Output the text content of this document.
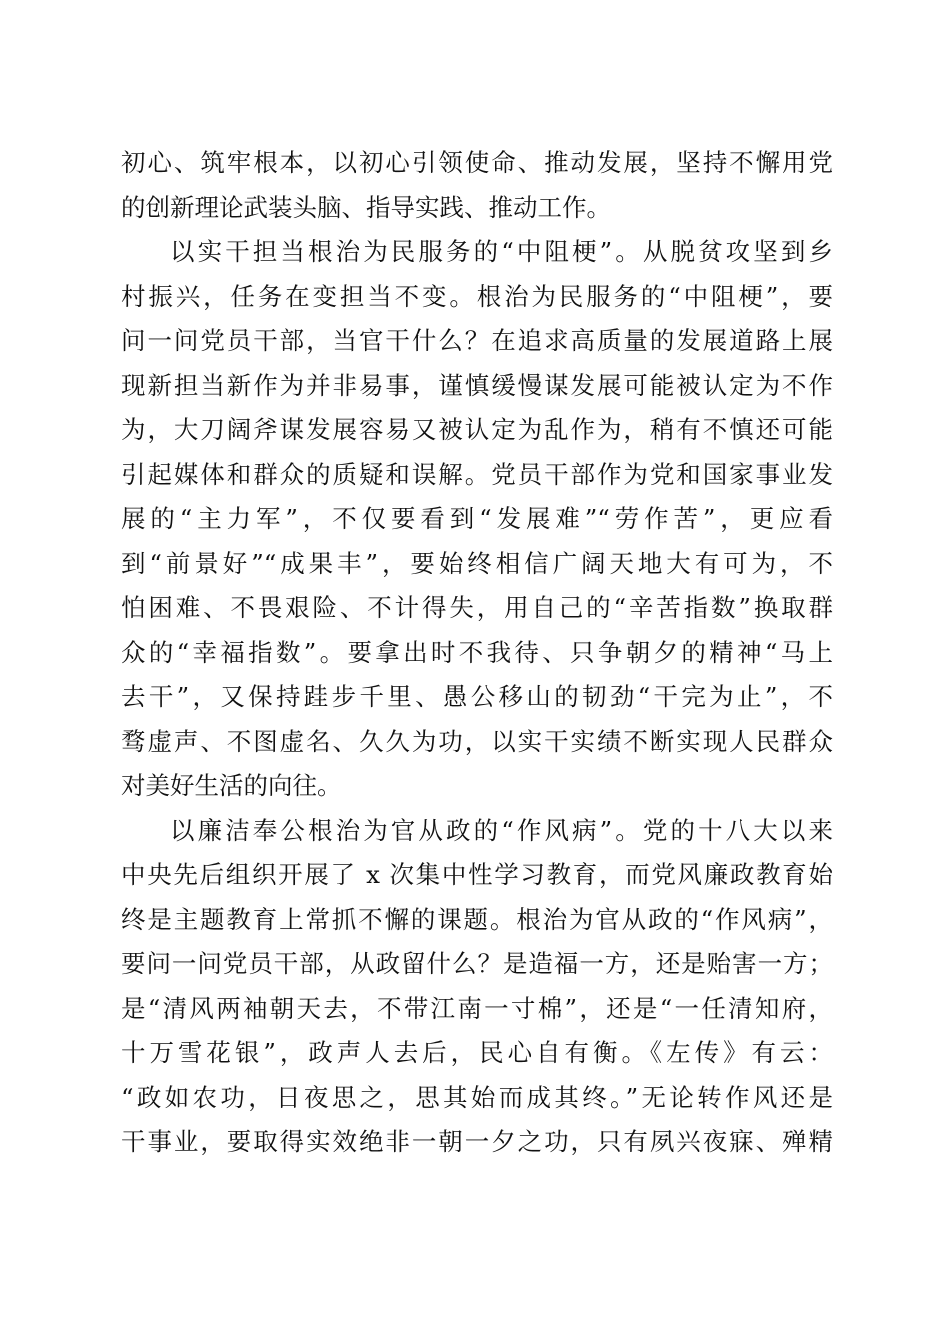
初心、筑牢根本，以初心引领使命、推动发展，坚持不懈用党
的创新理论武装头脑、指导实践、推动工作。
以实干担当根治为民服务的“中阻梗”。从脱贫攻坚到乡
村振兴，任务在变担当不变。根治为民服务的“中阻梗”，要
问一问党员干部，当官干什么？在追求高质量的发展道路上展
现新担当新作为并非易事，谨慎缓慢谋发展可能被认定为不作
为，大刀阔斧谋发展容易又被认定为乱作为，稍有不慎还可能
引起媒体和群众的质疑和误解。党员干部作为党和国家事业发
展的“主力军”，不仅要看到“发展难”“劳作苦”，更应看
到“前景好”“成果丰”，要始终相信广阔天地大有可为，不
怕困难、不畏艰险、不计得失，用自己的“辛苦指数”换取群
众的“幸福指数”。要拿出时不我待、只争朝夕的精神“马上
去干”，又保持跬步千里、愚公移山的韧劲“干完为止”，不
骛虚声、不图虚名、久久为功，以实干实绩不断实现人民群众
对美好生活的向往。
以廉洁奉公根治为官从政的“作风病”。党的十八大以来
中央先后组织开展了 x 次集中性学习教育，而党风廉政教育始
终是主题教育上常抓不懈的课题。根治为官从政的“作风病”，
要问一问党员干部，从政留什么？是造福一方，还是贻害一方；
是“清风两袖朝天去，不带江南一寸棉”，还是“一任清知府，
十万雪花银”，政声人去后，民心自有衡。《左传》有云：
“政如农功，日夜思之，思其始而成其终。”无论转作风还是
干事业，要取得实效绝非一朝一夕之功，只有夙兴夜寐、殚精
